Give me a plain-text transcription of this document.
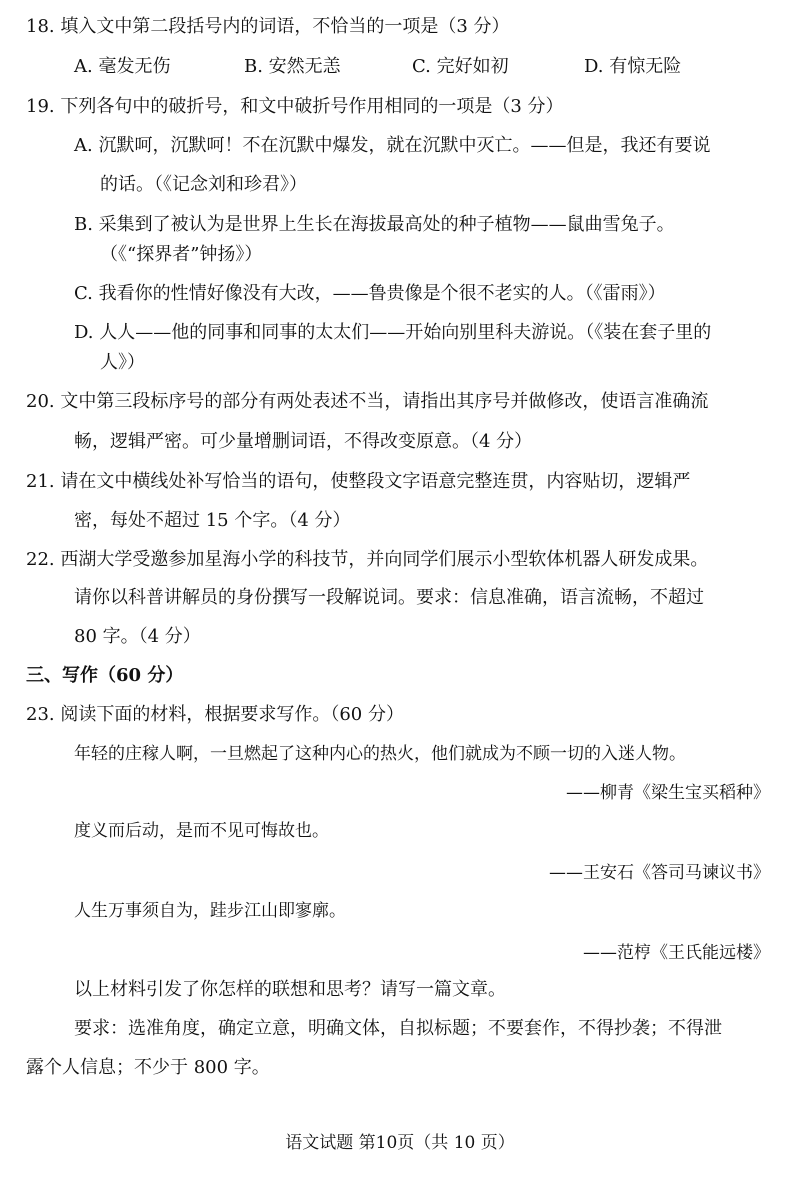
18. 填入文中第二段括号内的词语，不恰当的一项是（3 分）
A. 毫发无伤	B. 安然无恙	C. 完好如初	D. 有惊无险
19. 下列各句中的破折号，和文中破折号作用相同的一项是（3 分）
A. 沉默呵，沉默呵！不在沉默中爆发，就在沉默中灭亡。——但是，我还有要说
的话。（《记念刘和珍君》）
B. 采集到了被认为是世界上生长在海拔最高处的种子植物——鼠曲雪兔子。
（《“探界者”钟扬》）
C. 我看你的性情好像没有大改，——鲁贵像是个很不老实的人。（《雷雨》）
D. 人人——他的同事和同事的太太们——开始向别里科夫游说。（《装在套子里的
人》）
20. 文中第三段标序号的部分有两处表述不当，请指出其序号并做修改，使语言准确流
畅，逻辑严密。可少量增删词语，不得改变原意。（4 分）
21. 请在文中横线处补写恰当的语句，使整段文字语意完整连贯，内容贴切，逻辑严
密，每处不超过 15 个字。（4 分）
22. 西湖大学受邀参加星海小学的科技节，并向同学们展示小型软体机器人研发成果。
请你以科普讲解员的身份撰写一段解说词。要求：信息准确，语言流畅，不超过
80 字。（4 分）
三、写作（60 分）
23. 阅读下面的材料，根据要求写作。（60 分）
年轻的庄稼人啊，一旦燃起了这种内心的热火，他们就成为不顾一切的入迷人物。
——柳青《梁生宝买稻种》
度义而后动，是而不见可悔故也。
——王安石《答司马谏议书》
人生万事须自为，跬步江山即寥廓。
——范梈《王氏能远楼》
以上材料引发了你怎样的联想和思考？请写一篇文章。
要求：选准角度，确定立意，明确文体，自拟标题；不要套作，不得抄袭；不得泄
露个人信息；不少于 800 字。
语文试题 第10页（共 10 页）
